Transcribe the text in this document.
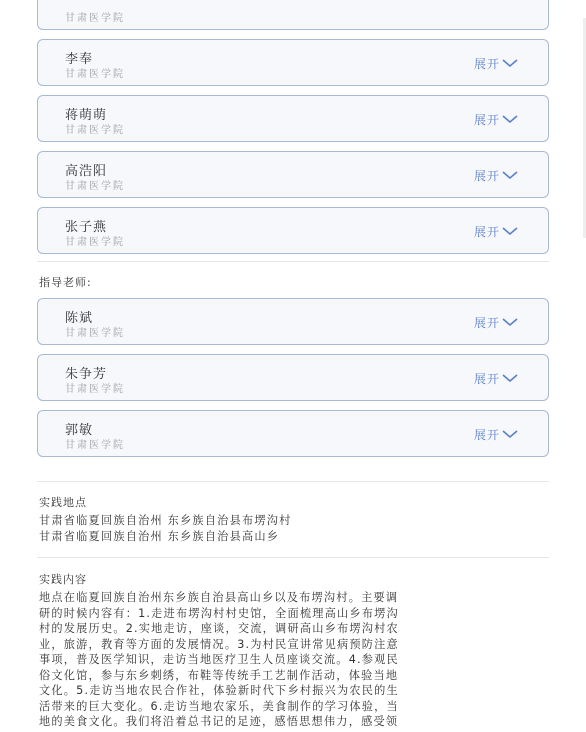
甘肃医学院
李奉
甘肃医学院
展开
蒋萌萌
甘肃医学院
展开
高浩阳
甘肃医学院
展开
张子燕
甘肃医学院
展开
指导老师:
陈斌
甘肃医学院
展开
朱争芳
甘肃医学院
展开
郭敏
甘肃医学院
展开
实践地点
甘肃省临夏回族自治州 东乡族自治县布塄沟村
甘肃省临夏回族自治州 东乡族自治县高山乡
实践内容
地点在临夏回族自治州东乡族自治县高山乡以及布塄沟村。主要调
研的时候内容有：1.走进布塄沟村村史馆，全面梳理高山乡布塄沟
村的发展历史。2.实地走访，座谈，交流，调研高山乡布塄沟村农
业，旅游，教育等方面的发展情况。3.为村民宣讲常见病预防注意
事项，普及医学知识，走访当地医疗卫生人员座谈交流。4.参观民
俗文化馆，参与东乡刺绣，布鞋等传统手工艺制作活动，体验当地
文化。5.走访当地农民合作社，体验新时代下乡村振兴为农民的生
活带来的巨大变化。6.走访当地农家乐，美食制作的学习体验，当
地的美食文化。我们将沿着总书记的足迹，感悟思想伟力，感受领
